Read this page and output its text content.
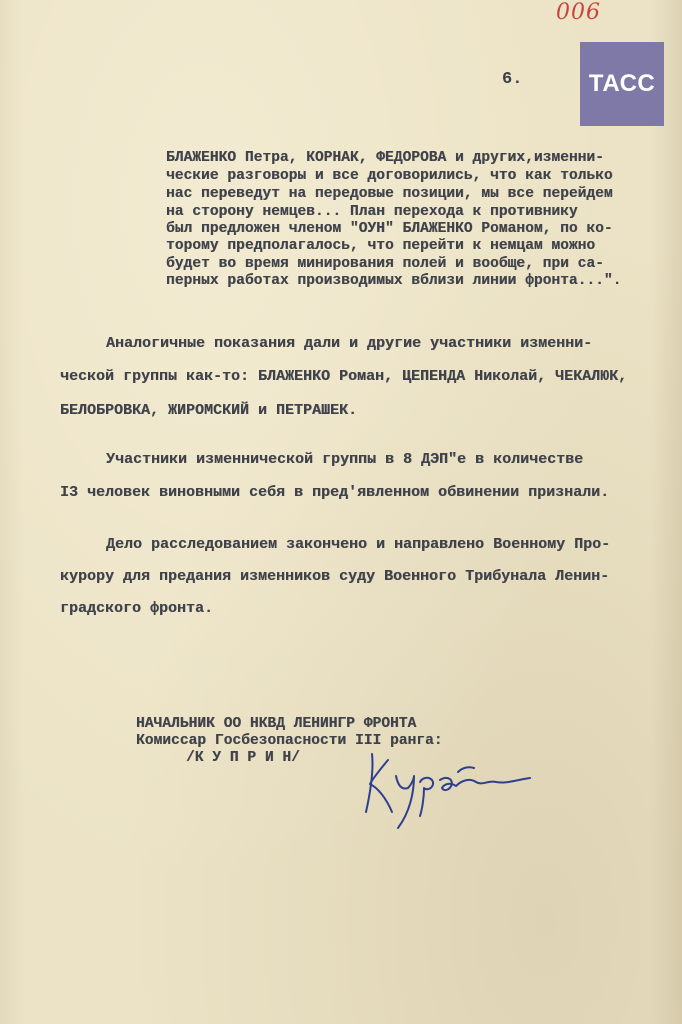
006
ТАСС
6.
БЛАЖЕНКО Петра, КОРНАК, ФЕДОРОВА и других,изменни-
ческие разговоры и все договорились, что как только
нас переведут на передовые позиции, мы все перейдем
на сторону немцев... План перехода к противнику
был предложен членом "ОУН" БЛАЖЕНКО Романом, по ко-
торому предполагалось, что перейти к немцам можно
будет во время минирования полей и вообще, при са-
перных работах производимых вблизи линии фронта...".
Аналогичные показания дали и другие участники изменни-
ческой группы как-то: БЛАЖЕНКО Роман, ЦЕПЕНДА Николай, ЧЕКАЛЮК,
БЕЛОБРОВКА, ЖИРОМСКИЙ и ПЕТРАШЕК.
Участники изменнической группы в 8 ДЭП"е в количестве
I3 человек виновными себя в пред'явленном обвинении признали.
Дело расследованием закончено и направлено Военному Про-
курору для предания изменников суду Военного Трибунала Ленин-
градского фронта.
НАЧАЛЬНИК ОО НКВД ЛЕНИНГР ФРОНТА
Комиссар Госбезопасности III ранга:
/К У П Р И Н/
